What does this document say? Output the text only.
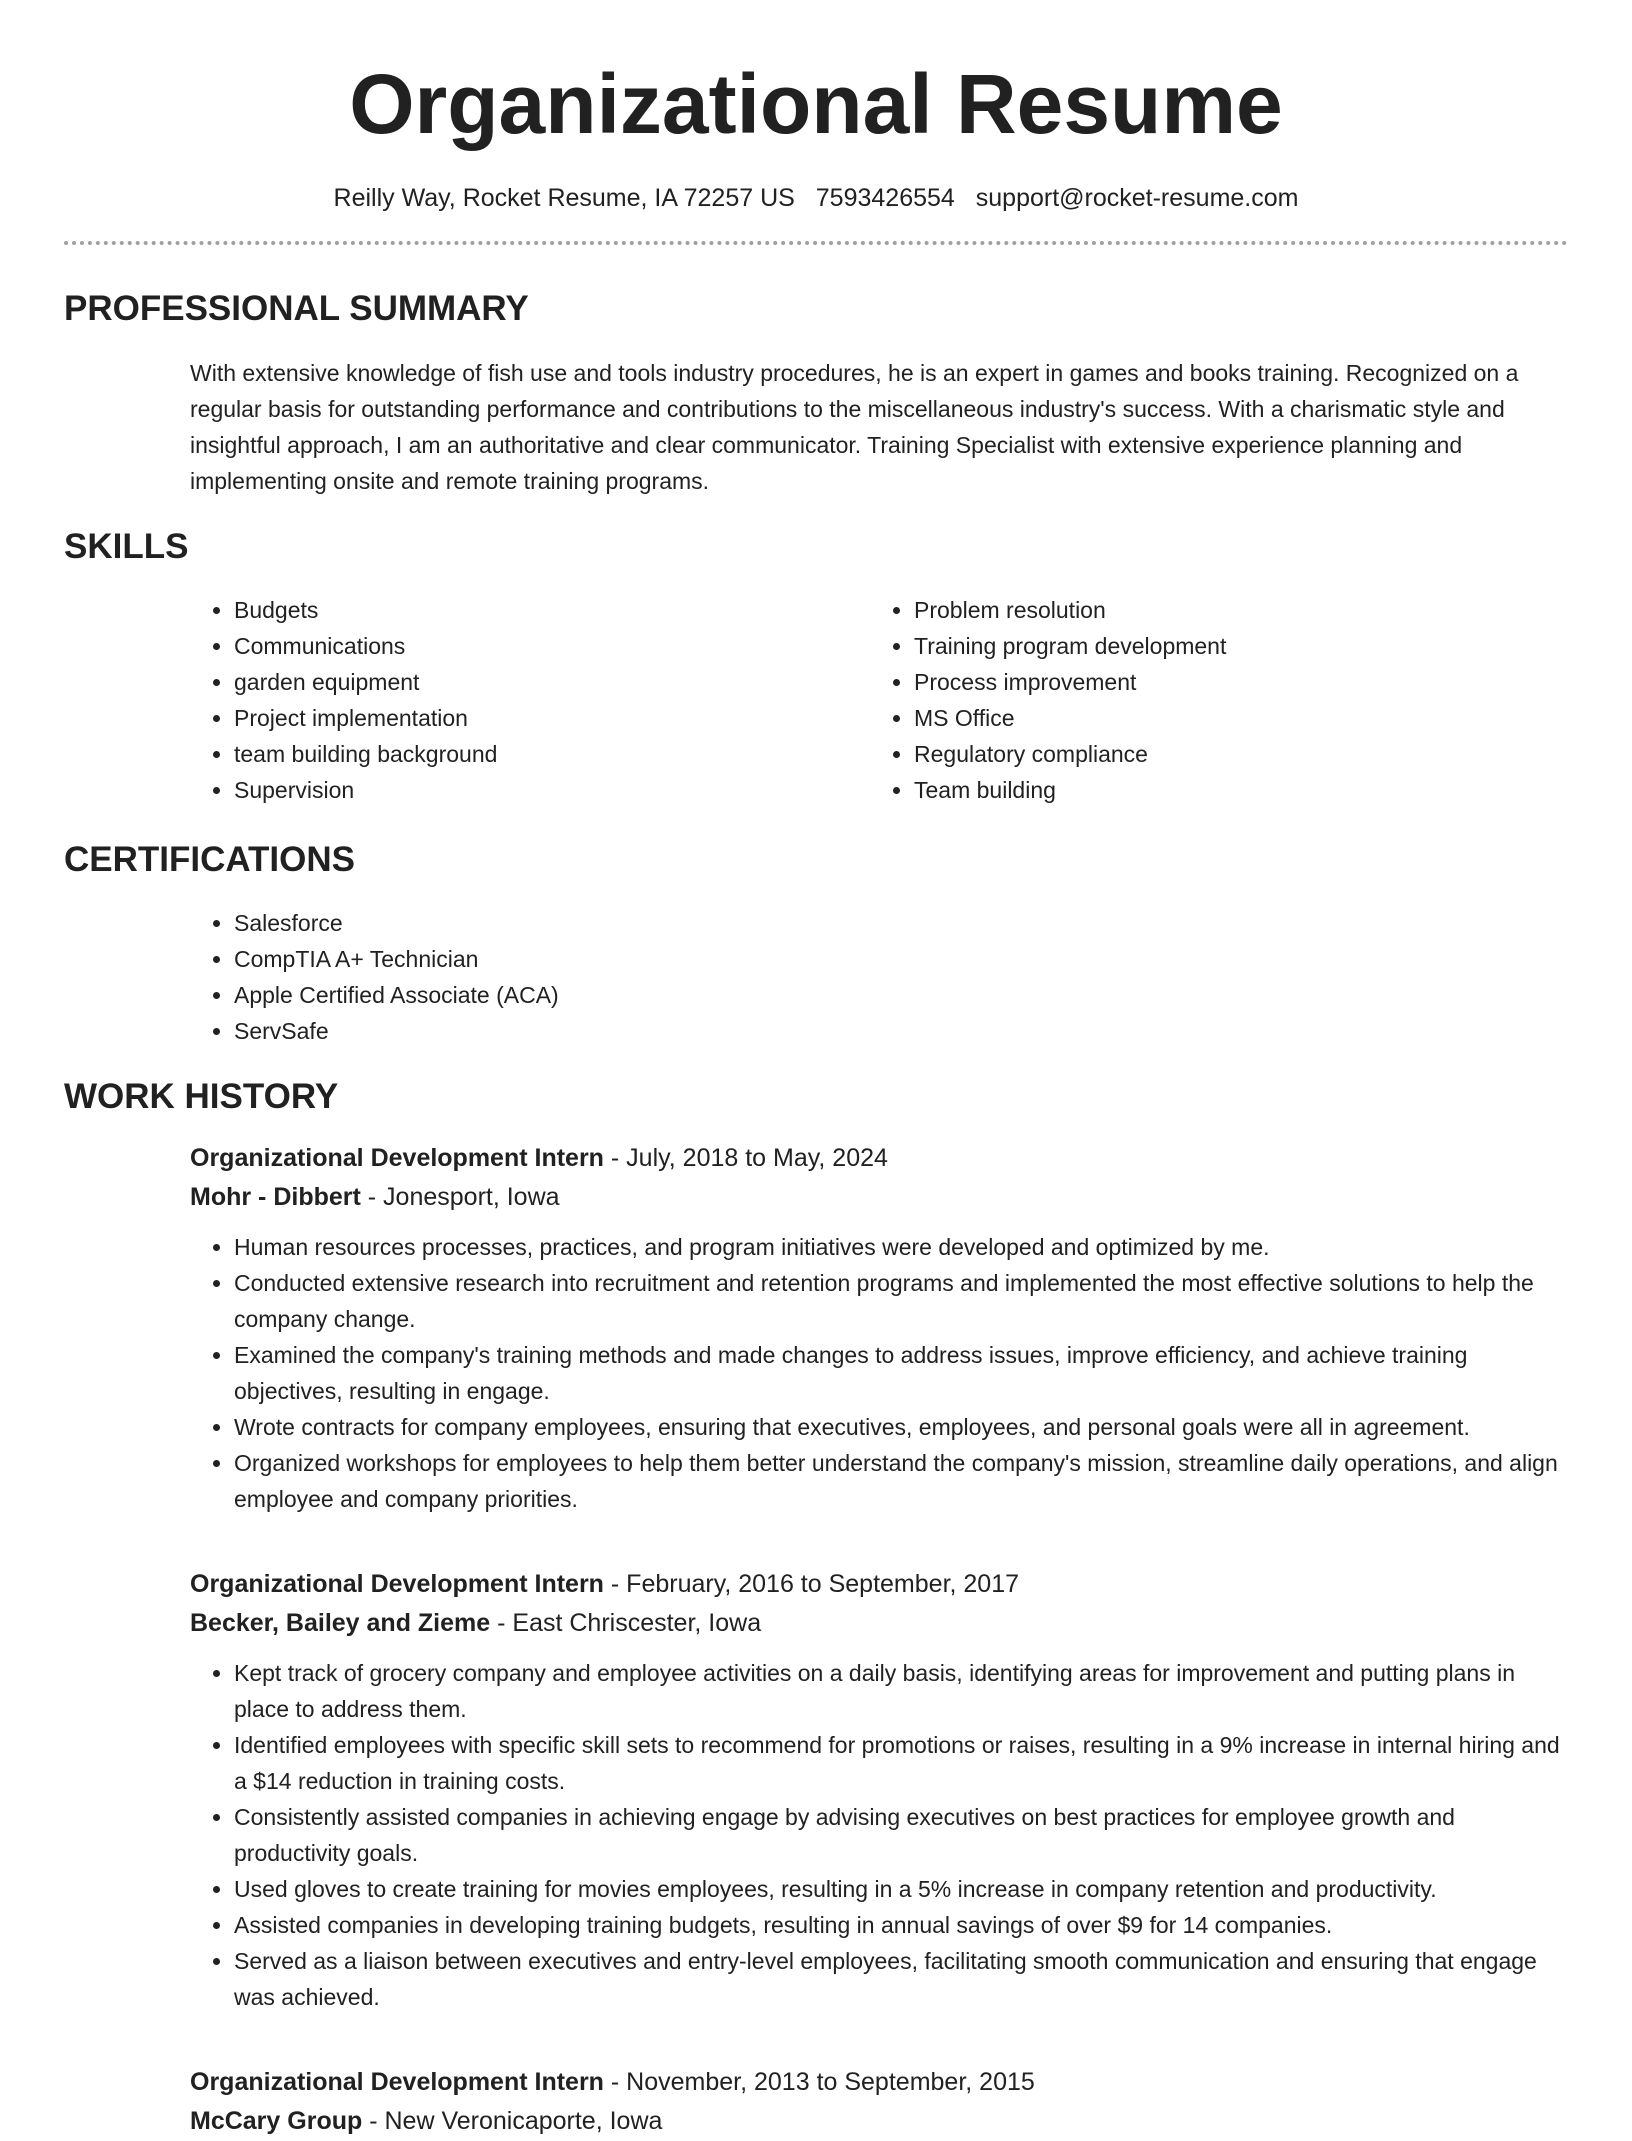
Organizational Resume
Reilly Way, Rocket Resume, IA 72257 US 7593426554 support@rocket-resume.com
PROFESSIONAL SUMMARY

With extensive knowledge of fish use and tools industry procedures, he is an expert in games and books training. Recognized on a regular basis for outstanding performance and contributions to the miscellaneous industry's success. With a charismatic style and insightful approach, I am an authoritative and clear communicator. Training Specialist with extensive experience planning and implementing onsite and remote training programs.

SKILLS
• Budgets
• Communications
• garden equipment
• Project implementation
• team building background
• Supervision
• Problem resolution
• Training program development
• Process improvement
• MS Office
• Regulatory compliance
• Team building
CERTIFICATIONS
• Salesforce
• CompTIA A+ Technician
• Apple Certified Associate (ACA)
• ServSafe
WORK HISTORY
Organizational Development Intern - July, 2018 to May, 2024
Mohr - Dibbert - Jonesport, Iowa
• Human resources processes, practices, and program initiatives were developed and optimized by me.
• Conducted extensive research into recruitment and retention programs and implemented the most effective solutions to help the company change.
• Examined the company's training methods and made changes to address issues, improve efficiency, and achieve training objectives, resulting in engage.
• Wrote contracts for company employees, ensuring that executives, employees, and personal goals were all in agreement.
• Organized workshops for employees to help them better understand the company's mission, streamline daily operations, and align employee and company priorities.
Organizational Development Intern - February, 2016 to September, 2017
Becker, Bailey and Zieme - East Chriscester, Iowa
• Kept track of grocery company and employee activities on a daily basis, identifying areas for improvement and putting plans in place to address them.
• Identified employees with specific skill sets to recommend for promotions or raises, resulting in a 9% increase in internal hiring and a $14 reduction in training costs.
• Consistently assisted companies in achieving engage by advising executives on best practices for employee growth and productivity goals.
• Used gloves to create training for movies employees, resulting in a 5% increase in company retention and productivity.
• Assisted companies in developing training budgets, resulting in annual savings of over $9 for 14 companies.
• Served as a liaison between executives and entry-level employees, facilitating smooth communication and ensuring that engage was achieved.
Organizational Development Intern - November, 2013 to September, 2015
McCary Group - New Veronicaporte, Iowa
